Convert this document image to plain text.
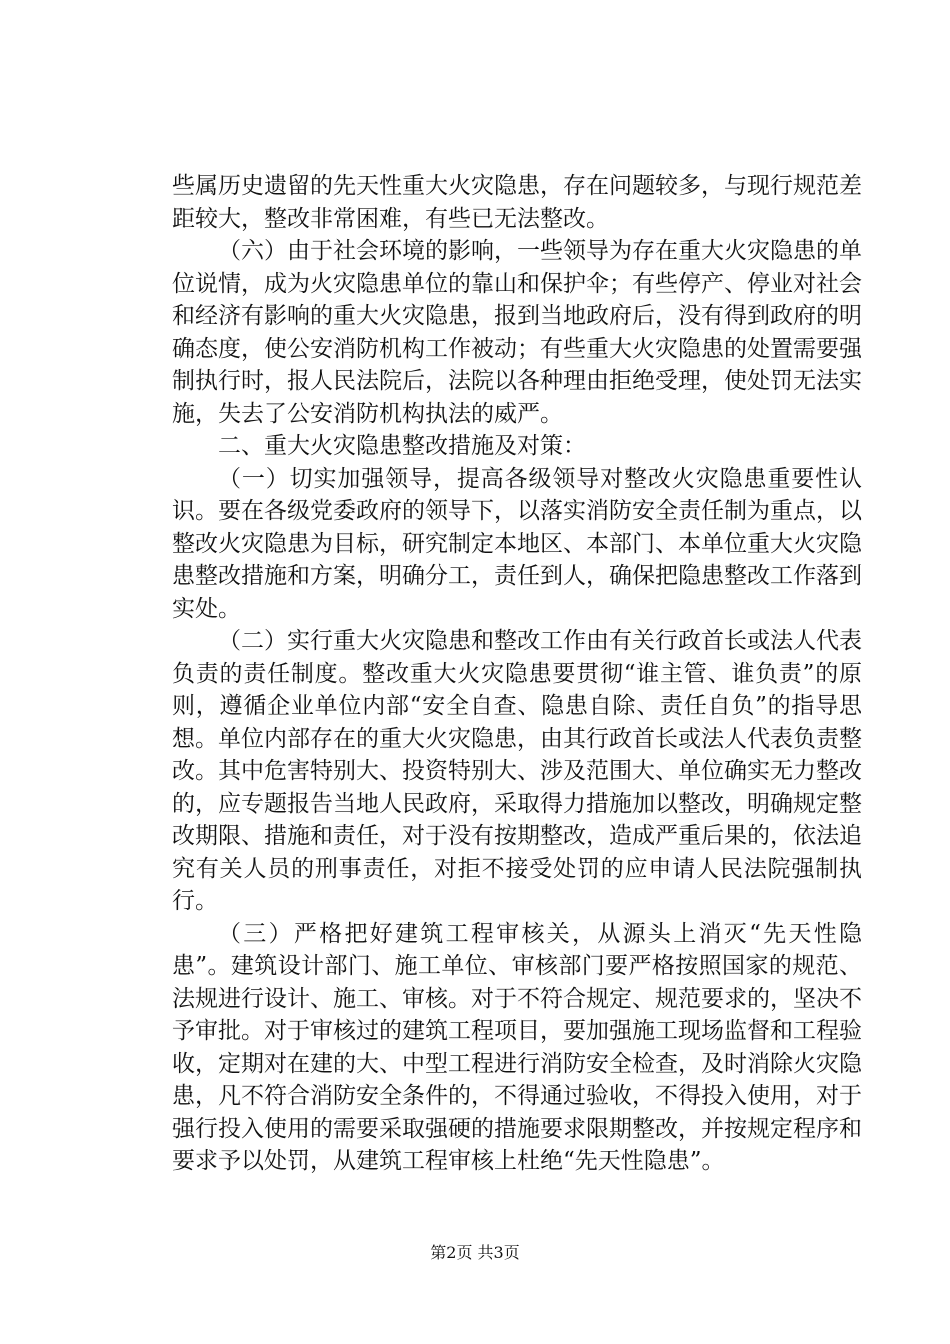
些属历史遗留的先天性重大火灾隐患，存在问题较多，与现行规范差距较大，整改非常困难，有些已无法整改。

（六）由于社会环境的影响，一些领导为存在重大火灾隐患的单位说情，成为火灾隐患单位的靠山和保护伞；有些停产、停业对社会和经济有影响的重大火灾隐患，报到当地政府后，没有得到政府的明确态度，使公安消防机构工作被动；有些重大火灾隐患的处置需要强制执行时，报人民法院后，法院以各种理由拒绝受理，使处罚无法实施，失去了公安消防机构执法的威严。

二、重大火灾隐患整改措施及对策：

（一）切实加强领导，提高各级领导对整改火灾隐患重要性认识。要在各级党委政府的领导下，以落实消防安全责任制为重点，以整改火灾隐患为目标，研究制定本地区、本部门、本单位重大火灾隐患整改措施和方案，明确分工，责任到人，确保把隐患整改工作落到实处。

（二）实行重大火灾隐患和整改工作由有关行政首长或法人代表负责的责任制度。整改重大火灾隐患要贯彻“谁主管、谁负责”的原则，遵循企业单位内部“安全自查、隐患自除、责任自负”的指导思想。单位内部存在的重大火灾隐患，由其行政首长或法人代表负责整改。其中危害特别大、投资特别大、涉及范围大、单位确实无力整改的，应专题报告当地人民政府，采取得力措施加以整改，明确规定整改期限、措施和责任，对于没有按期整改，造成严重后果的，依法追究有关人员的刑事责任，对拒不接受处罚的应申请人民法院强制执行。

（三）严格把好建筑工程审核关，从源头上消灭“先天性隐患”。建筑设计部门、施工单位、审核部门要严格按照国家的规范、法规进行设计、施工、审核。对于不符合规定、规范要求的，坚决不予审批。对于审核过的建筑工程项目，要加强施工现场监督和工程验收，定期对在建的大、中型工程进行消防安全检查，及时消除火灾隐患，凡不符合消防安全条件的，不得通过验收，不得投入使用，对于强行投入使用的需要采取强硬的措施要求限期整改，并按规定程序和要求予以处罚，从建筑工程审核上杜绝“先天性隐患”。

第2页 共3页
